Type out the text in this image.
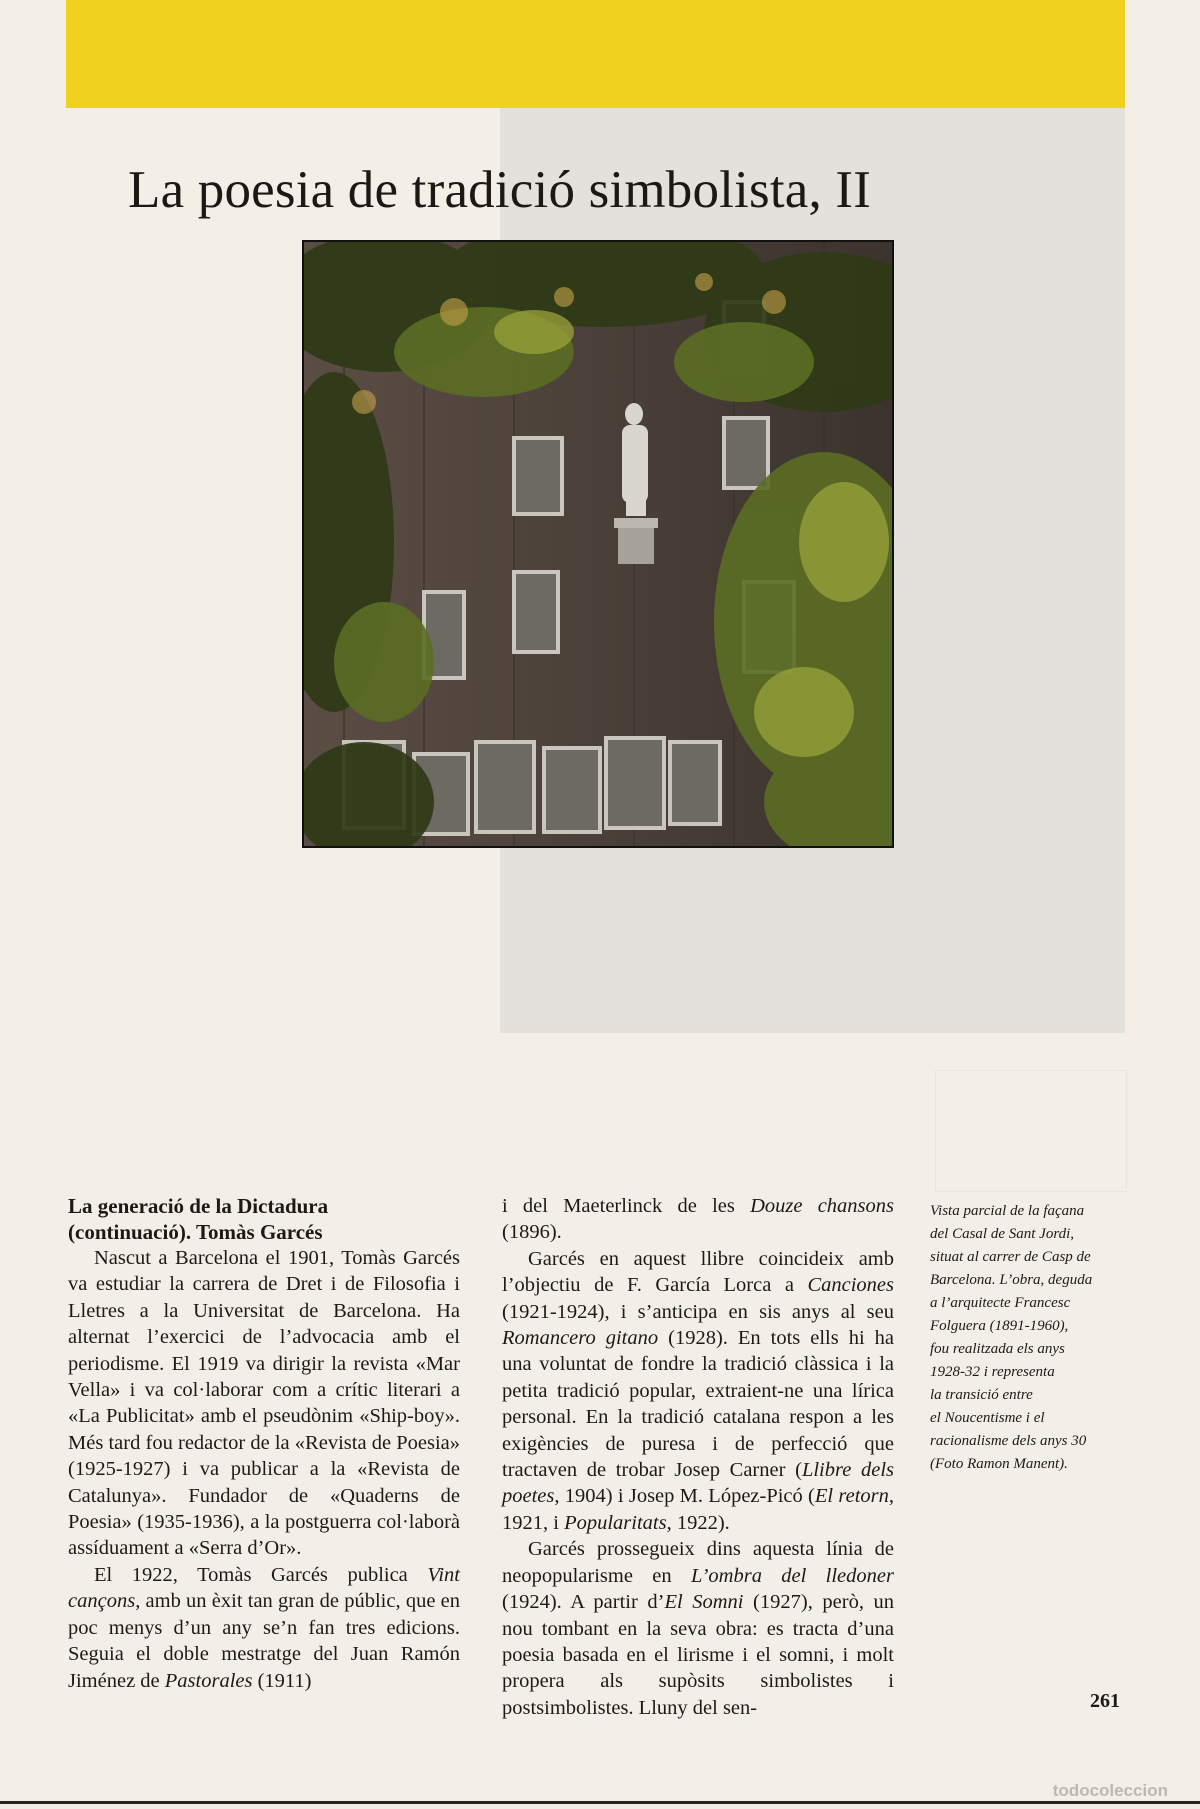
La poesia de tradició simbolista, II

La generació de la Dictadura

(continuació). Tomàs Garcés

Nascut a Barcelona el 1901, Tomàs Garcés va estudiar la carrera de Dret i de Filosofia i Lletres a la Universitat de Barcelona. Ha alternat l’exercici de l’advocacia amb el periodisme. El 1919 va dirigir la revista «Mar Vella» i va col·laborar com a crític literari a «La Publicitat» amb el pseudònim «Ship-boy». Més tard fou redactor de la «Revista de Poesia» (1925-1927) i va publicar a la «Revista de Catalunya». Fundador de «Quaderns de Poesia» (1935-1936), a la postguerra col·laborà assíduament a «Serra d’Or».

El 1922, Tomàs Garcés publica Vint cançons, amb un èxit tan gran de públic, que en poc menys d’un any se’n fan tres edicions. Seguia el doble mestratge del Juan Ramón Jiménez de Pastorales (1911)

i del Maeterlinck de les Douze chansons (1896).

Garcés en aquest llibre coincideix amb l’objectiu de F. García Lorca a Canciones (1921-1924), i s’anticipa en sis anys al seu Romancero gitano (1928). En tots ells hi ha una voluntat de fondre la tradició clàssica i la petita tradició popular, extraient-ne una lírica personal. En la tradició catalana respon a les exigències de puresa i de perfecció que tractaven de trobar Josep Carner (Llibre dels poetes, 1904) i Josep M. López-Picó (El retorn, 1921, i Popularitats, 1922).

Garcés prossegueix dins aquesta línia de neopopularisme en L’ombra del lledoner (1924). A partir d’El Somni (1927), però, un nou tombant en la seva obra: es tracta d’una poesia basada en el lirisme i el somni, i molt propera als supòsits simbolistes i postsimbolistes. Lluny del sen-

Vista parcial de la façana
del Casal de Sant Jordi,
situat al carrer de Casp de
Barcelona. L’obra, deguda
a l’arquitecte Francesc
Folguera (1891-1960),
fou realitzada els anys
1928-32 i representa
la transició entre
el Noucentisme i el
racionalisme dels anys 30
(Foto Ramon Manent).
261
todocoleccion
